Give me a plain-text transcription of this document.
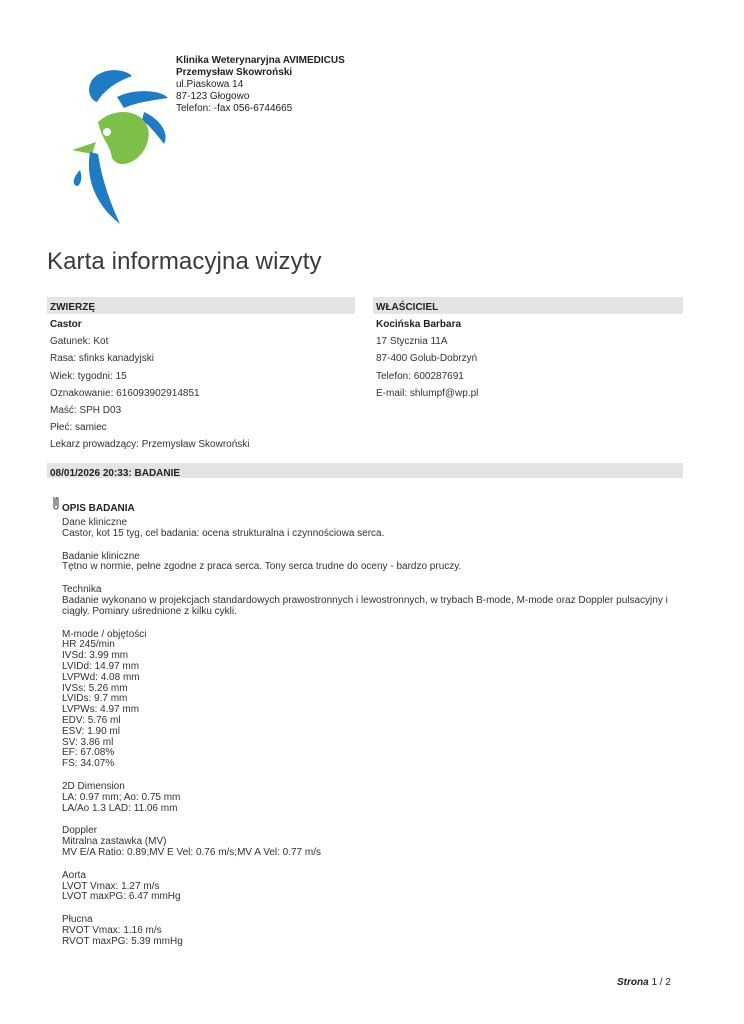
Klinika Weterynaryjna AVIMEDICUS
Przemysław Skowroński
ul.Piaskowa 14
87-123 Głogowo
Telefon: -fax 056-6744665
Karta informacyjna wizyty
ZWIERZĘ	WŁAŚCICIEL
Castor
Gatunek: Kot
Rasa: sfinks kanadyjski
Wiek: tygodni: 15
Oznakowanie: 616093902914851
Maść: SPH D03
Płeć: samiec
Lekarz prowadzący: Przemysław Skowroński
Kocińska Barbara
17 Stycznia 11A
87-400 Golub-Dobrzyń
Telefon: 600287691
E-mail: shlumpf@wp.pl
08/01/2026 20:33: BADANIE
OPIS BADANIA
Dane kliniczne
Castor, kot 15 tyg, cel badania: ocena strukturalna i czynnościowa serca.
Badanie kliniczne
Tętno w normie, pełne zgodne z praca serca. Tony serca trudne do oceny - bardzo pruczy.
Technika
Badanie wykonano w projekcjach standardowych prawostronnych i lewostronnych, w trybach B-mode, M-mode oraz Doppler pulsacyjny i
ciągły. Pomiary uśrednione z kilku cykli.
M-mode / objętości
HR 245/min
IVSd: 3.99 mm
LVIDd: 14.97 mm
LVPWd: 4.08 mm
IVSs: 5.26 mm
LVIDs: 9.7 mm
LVPWs: 4.97 mm
EDV: 5.76 ml
ESV: 1.90 ml
SV: 3.86 ml
EF: 67.08%
FS: 34.07%
2D Dimension
LA: 0.97 mm; Ao: 0.75 mm
LA/Ao 1.3 LAD: 11.06 mm
Doppler
Mitralna zastawka (MV)
MV E/A Ratio: 0.89;MV E Vel: 0.76 m/s;MV A Vel: 0.77 m/s
Aorta
LVOT Vmax: 1.27 m/s
LVOT maxPG: 6.47 mmHg
Płucna
RVOT Vmax: 1.16 m/s
RVOT maxPG: 5.39 mmHg
Strona 1 / 2
